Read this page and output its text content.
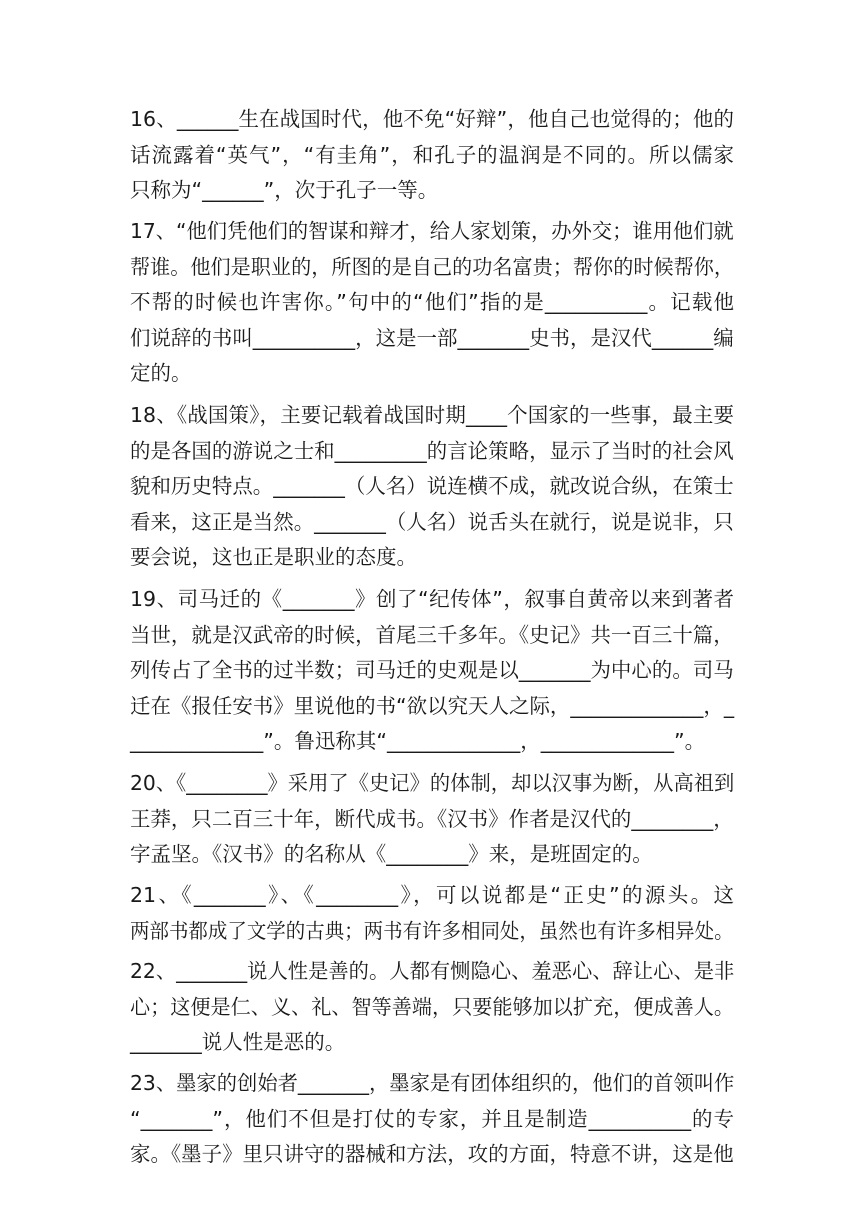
16、______生在战国时代，他不免“好辩”，他自己也觉得的；他的
话流露着“英气”，“有圭角”，和孔子的温润是不同的。所以儒家
只称为“______”，次于孔子一等。
17、“他们凭他们的智谋和辩才，给人家划策，办外交；谁用他们就
帮谁。他们是职业的，所图的是自己的功名富贵；帮你的时候帮你，
不帮的时候也许害你。”句中的“他们”指的是__________。记载他
们说辞的书叫__________，这是一部_______史书，是汉代______编
定的。
18、《战国策》，主要记载着战国时期____个国家的一些事，最主要
的是各国的游说之士和_________的言论策略，显示了当时的社会风
貌和历史特点。_______（人名）说连横不成，就改说合纵，在策士
看来，这正是当然。_______（人名）说舌头在就行，说是说非，只
要会说，这也正是职业的态度。
19、司马迁的《_______》创了“纪传体”，叙事自黄帝以来到著者
当世，就是汉武帝的时候，首尾三千多年。《史记》共一百三十篇，
列传占了全书的过半数；司马迁的史观是以_______为中心的。司马
迁在《报任安书》里说他的书“欲以究天人之际，_____________，_
_____________”。鲁迅称其“_____________，_____________”。
20、《________》采用了《史记》的体制，却以汉事为断，从高祖到
王莽，只二百三十年，断代成书。《汉书》作者是汉代的________，
字孟坚。《汉书》的名称从《________》来，是班固定的。
21、《_______》、《________》，可以说都是“正史”的源头。这
两部书都成了文学的古典；两书有许多相同处，虽然也有许多相异处。
22、_______说人性是善的。人都有恻隐心、羞恶心、辞让心、是非
心；这便是仁、义、礼、智等善端，只要能够加以扩充，便成善人。
_______说人性是恶的。
23、墨家的创始者_______，墨家是有团体组织的，他们的首领叫作
“_______”，他们不但是打仗的专家，并且是制造__________的专
家。《墨子》里只讲守的器械和方法，攻的方面，特意不讲，这是他
